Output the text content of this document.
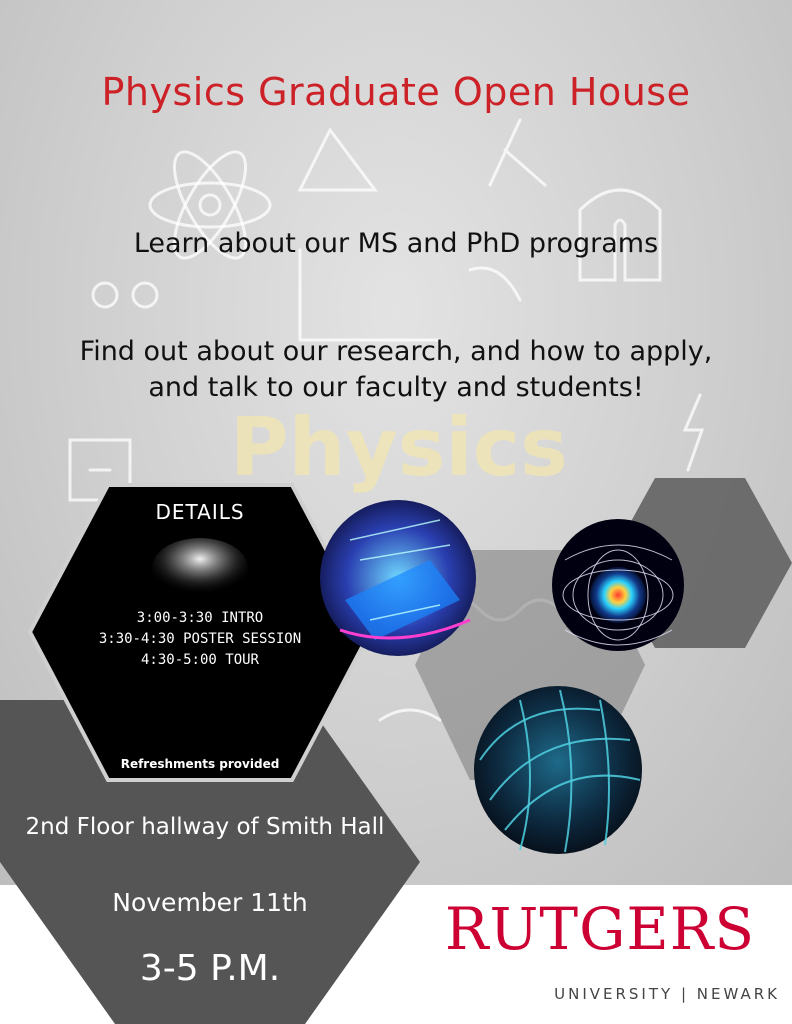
Physics
Physics Graduate Open House
Learn about our MS and PhD programs
Find out about our research, and how to apply, and talk to our faculty and students!
DETAILS
3:00-3:30 INTRO
3:30-4:30 POSTER SESSION
4:30-5:00 TOUR
Refreshments provided
2nd Floor hallway of Smith Hall
November 11th
3-5 P.M.
RUTGERS
UNIVERSITY | NEWARK
